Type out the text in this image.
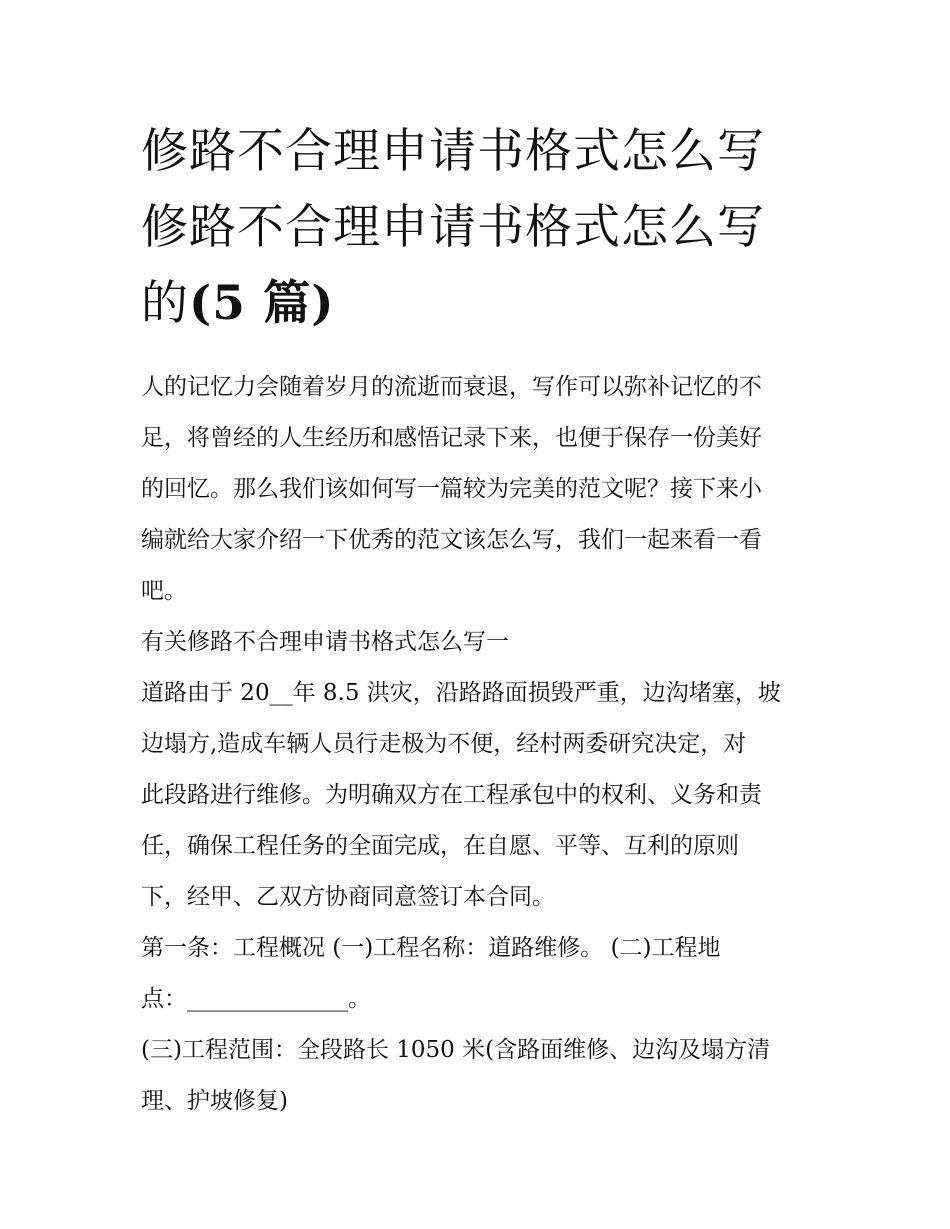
修路不合理申请书格式怎么写
修路不合理申请书格式怎么写
的(5 篇)

人的记忆力会随着岁月的流逝而衰退，写作可以弥补记忆的不
足，将曾经的人生经历和感悟记录下来，也便于保存一份美好
的回忆。那么我们该如何写一篇较为完美的范文呢？接下来小
编就给大家介绍一下优秀的范文该怎么写，我们一起来看一看
吧。

有关修路不合理申请书格式怎么写一

道路由于 20__年 8.5 洪灾，沿路路面损毁严重，边沟堵塞，坡
边塌方,造成车辆人员行走极为不便，经村两委研究决定，对
此段路进行维修。为明确双方在工程承包中的权利、义务和责
任，确保工程任务的全面完成，在自愿、平等、互利的原则
下，经甲、乙双方协商同意签订本合同。

第一条：工程概况 (一)工程名称：道路维修。 (二)工程地
点：______________。

(三)工程范围：全段路长 1050 米(含路面维修、边沟及塌方清
理、护坡修复)
